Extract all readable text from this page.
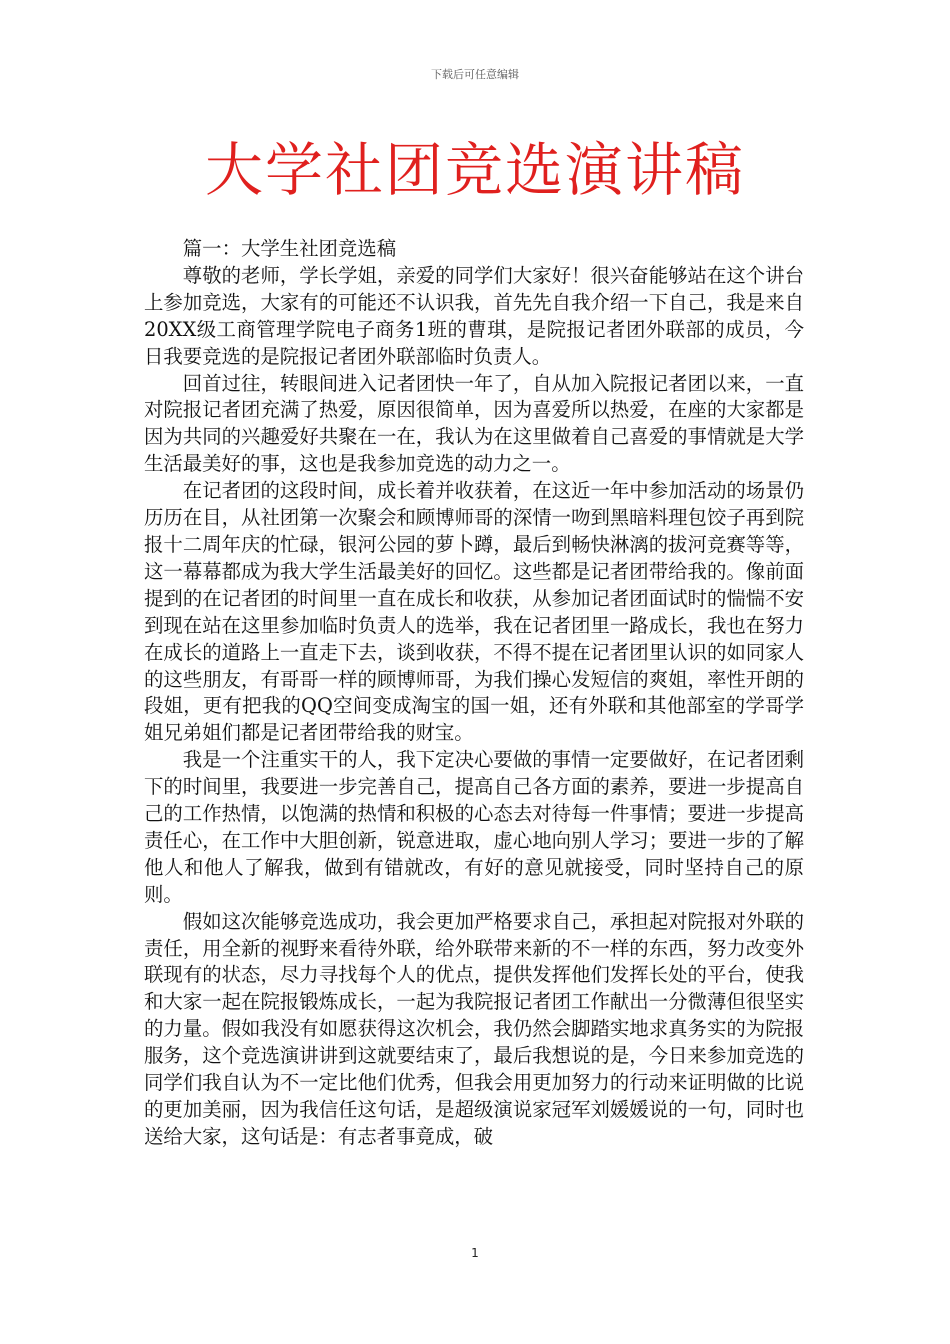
下载后可任意编辑
大学社团竞选演讲稿

篇一：大学生社团竞选稿

尊敬的老师，学长学姐，亲爱的同学们大家好！很兴奋能够站在这个讲台上参加竞选，大家有的可能还不认识我，首先先自我介绍一下自己，我是来自20XX级工商管理学院电子商务1班的曹琪，是院报记者团外联部的成员，今日我要竞选的是院报记者团外联部临时负责人。

回首过往，转眼间进入记者团快一年了，自从加入院报记者团以来，一直对院报记者团充满了热爱，原因很简单，因为喜爱所以热爱，在座的大家都是因为共同的兴趣爱好共聚在一在，我认为在这里做着自己喜爱的事情就是大学生活最美好的事，这也是我参加竞选的动力之一。

在记者团的这段时间，成长着并收获着，在这近一年中参加活动的场景仍历历在目，从社团第一次聚会和顾博师哥的深情一吻到黑暗料理包饺子再到院报十二周年庆的忙碌，银河公园的萝卜蹲，最后到畅快淋漓的拔河竞赛等等，这一幕幕都成为我大学生活最美好的回忆。这些都是记者团带给我的。像前面提到的在记者团的时间里一直在成长和收获，从参加记者团面试时的惴惴不安到现在站在这里参加临时负责人的选举，我在记者团里一路成长，我也在努力在成长的道路上一直走下去，谈到收获，不得不提在记者团里认识的如同家人的这些朋友，有哥哥一样的顾博师哥，为我们操心发短信的爽姐，率性开朗的段姐，更有把我的QQ空间变成淘宝的国一姐，还有外联和其他部室的学哥学姐兄弟姐们都是记者团带给我的财宝。

我是一个注重实干的人，我下定决心要做的事情一定要做好，在记者团剩下的时间里，我要进一步完善自己，提高自己各方面的素养，要进一步提高自己的工作热情，以饱满的热情和积极的心态去对待每一件事情；要进一步提高责任心，在工作中大胆创新，锐意进取，虚心地向别人学习；要进一步的了解他人和他人了解我，做到有错就改，有好的意见就接受，同时坚持自己的原则。

假如这次能够竞选成功，我会更加严格要求自己，承担起对院报对外联的责任，用全新的视野来看待外联，给外联带来新的不一样的东西，努力改变外联现有的状态，尽力寻找每个人的优点，提供发挥他们发挥长处的平台，使我和大家一起在院报锻炼成长，一起为我院报记者团工作献出一分微薄但很坚实的力量。假如我没有如愿获得这次机会，我仍然会脚踏实地求真务实的为院报服务，这个竞选演讲讲到这就要结束了，最后我想说的是，今日来参加竞选的同学们我自认为不一定比他们优秀，但我会用更加努力的行动来证明做的比说的更加美丽，因为我信任这句话，是超级演说家冠军刘媛媛说的一句，同时也送给大家，这句话是：有志者事竟成，破

1
